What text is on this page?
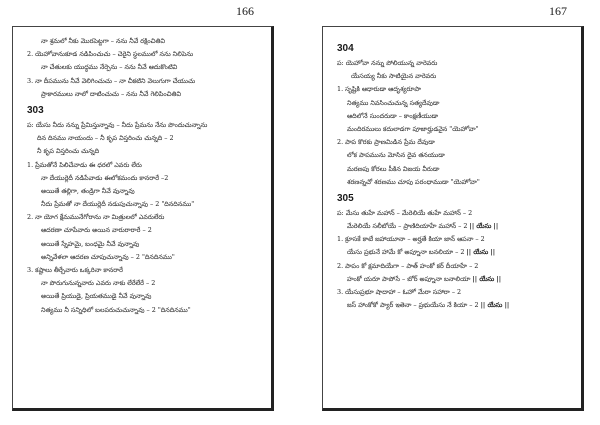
166	167
నా శ్రమలో నీకు మొరపెట్టగా – నను నీవే రక్షించితివి
2. యెహోవానుకూడ నడిపించుచు – చెరైని స్థలములో నను నిలిపెను
నా చేతులకు యుద్ధము నేర్పెను – నను నీవే ఆదుకొంటివి
3. నా దీపమును నీవే వెలిగించుచు – నా చీకటిని వెలుగుగా చేయుచు
ప్రాకారములు నాలో దాటించుచు – నను నీవే గెలిపించితివి
303
ప: యేసు నీదు నన్ను ప్రేమిస్తున్నావు – నీదు ప్రేమను నేను పొందుచున్నాను
దిన దినము నాయందు – నీ కృప విస్తరించు చున్నది – 2
నీ కృప విస్తరించు చున్నది
1. ప్రేమతోనే పిలిచేవాడు ఈ ధరలో ఎవరు లేరు
నా దేయుర్లెదీ నడిపేవాడు ఈలోకమందు కానరారే –2
అయితే తల్లిగా, తండ్రిగా నీవే వున్నావు
నీదు ప్రేమతో నా దేయుర్లెదీ నడుపుచున్నావు – 2 "దినదినము"
2. నా యోగ క్షేమమునేగోరాను నా మిత్రులలో ఎవరులేరు
ఆదరణా చూపేవారు అయిన వారురారారే – 2
అయితే స్నేహమై, బంధమై నీవే వున్నావు
అన్నివేళలా ఆదరణ చూపుచున్నావు – 2 "దినదినము"
3. కష్టాలు తీర్చేవారు ఒక్కరినా కానరారే
నా పొరుగునున్నవారు ఎవరు నాకు లేరేలేరే – 2
అయితే ప్రియుడై, ప్రియతముడై నీవే వున్నావు
నిత్యము నీ సన్నిధిలో బలపరుచుచున్నావు – 2 "దినదినము"
304
ప: యెహోవా నన్ను పోలియున్న వారెవరు
యేసయ్య నీకు సాటియైన వారెవరు
1. సృష్టికి ఆధారుడా ఆదృశ్యరూపా
నిత్యము నివసించుచున్న సత్యదేవుడా
ఆదిలోనే సుందరుడా – కాంక్షణీయుడా
మందిరములు కదులాడగా పూజార్హుడవైన "యెహోవా"
2. పాప కొరకు ప్రాణమిడిన ప్రేమ దేవుడా
లోక పాపమును మోసిన దైవ తనయుడా
మరణపు కోరలు పీకిన విజయ వీరుడా
శరణన్నచో శరణము చూపు పరంధాముడా "యెహోవా"
305
ప: మేసు తుహే మహాన్ – మేరెలియే తుహే మహాన్ – 2
మేరెలియే సలీబోయే – ప్రాణిదియాహే మహాన్ – 2 || యేసు ||
1. క్రూసకే కాటే జహాయూనా – అర్హతే కియా జాన్ ఆపనా – 2
యేసు ప్రభునే హామే కో అప్నూనా బనలియా – 2 || యేసు ||
2. పాపం కో క్షమాదియేగా – పాత్ హంకో కర్ దీయాహే – 2
హంకో యరూ పాపోసే – బోర్ అప్నూనా బనాలియా || యేసు ||
3. యేసుప్రభూ షాదాహా – ఓహో మేరా సహారా – 2
జస్ హాంకోకో ప్యార్ ఇతెనా – ప్రభుయేసు నే కియా – 2 || యేసు ||
